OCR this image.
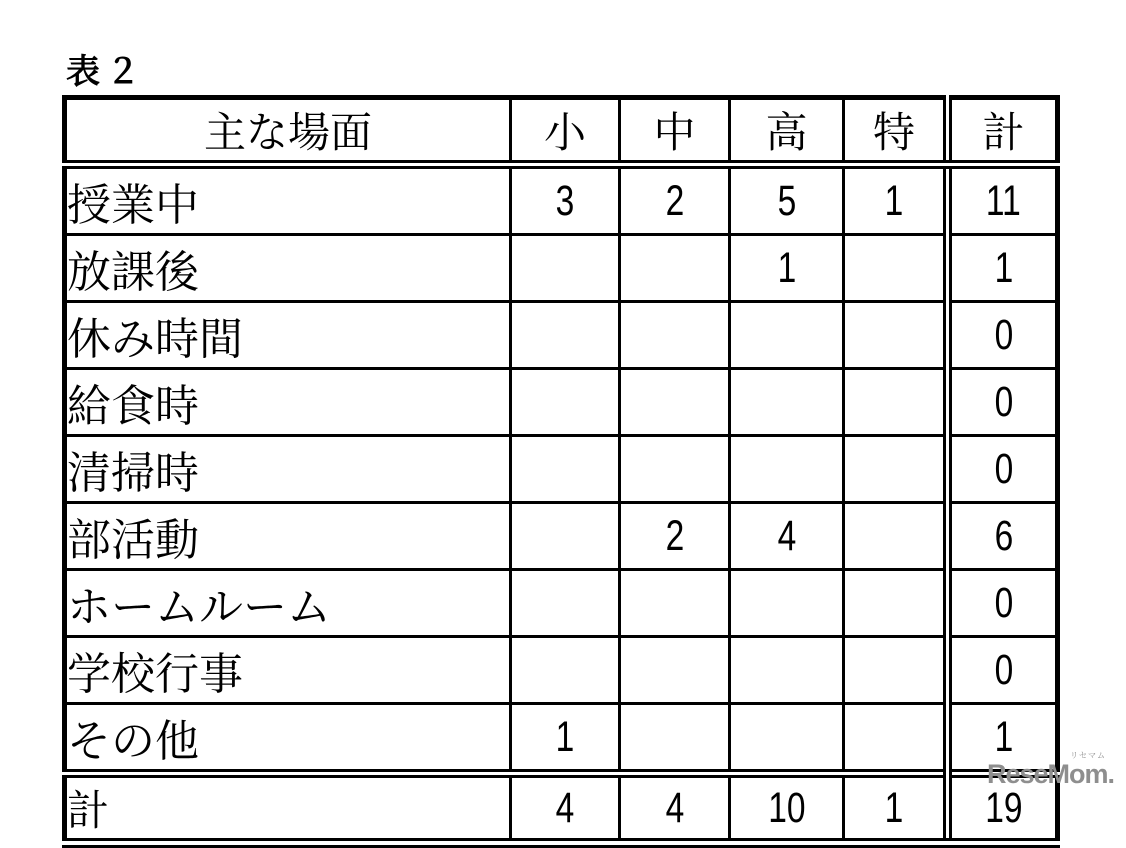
表２
主な場面	小	中	高	特	計
授業中	3	2	5	1	11
放課後			1		1
休み時間					0
給食時					0
清掃時					0
部活動		2	4		6
ホームルーム					0
学校行事					0
その他	1				1
計	4	4	10	1	19
リセマム
ReseMom.
